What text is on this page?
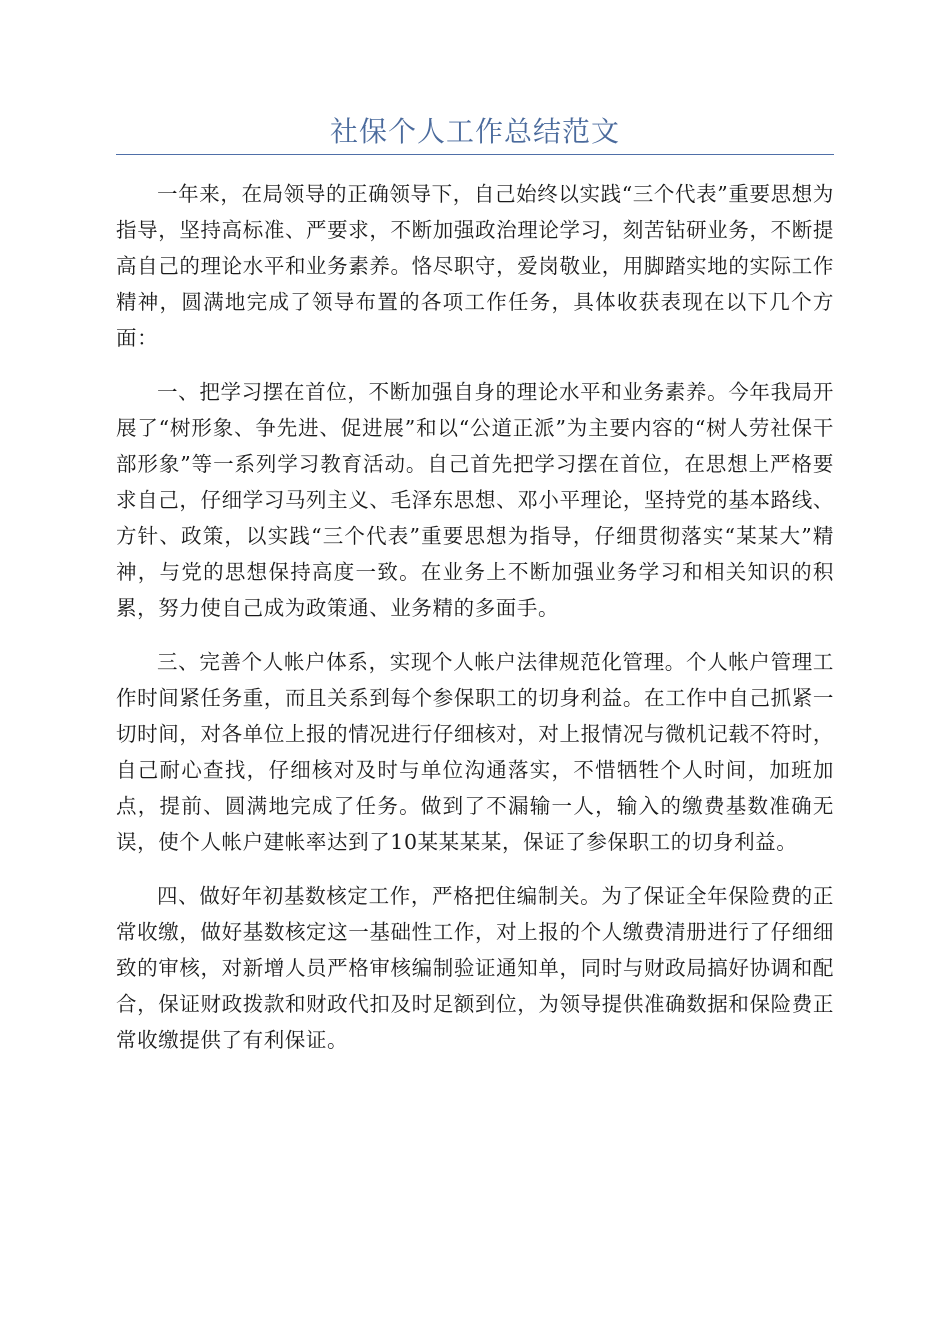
社保个人工作总结范文

一年来，在局领导的正确领导下，自己始终以实践“三个代表”重要思想为指导，坚持高标准、严要求，不断加强政治理论学习，刻苦钻研业务，不断提高自己的理论水平和业务素养。恪尽职守，爱岗敬业，用脚踏实地的实际工作精神，圆满地完成了领导布置的各项工作任务，具体收获表现在以下几个方面：

一、把学习摆在首位，不断加强自身的理论水平和业务素养。今年我局开展了“树形象、争先进、促进展”和以“公道正派”为主要内容的“树人劳社保干部形象”等一系列学习教育活动。自己首先把学习摆在首位，在思想上严格要求自己，仔细学习马列主义、毛泽东思想、邓小平理论，坚持党的基本路线、方针、政策，以实践“三个代表”重要思想为指导，仔细贯彻落实“某某大”精神，与党的思想保持高度一致。在业务上不断加强业务学习和相关知识的积累，努力使自己成为政策通、业务精的多面手。

三、完善个人帐户体系，实现个人帐户法律规范化管理。个人帐户管理工作时间紧任务重，而且关系到每个参保职工的切身利益。在工作中自己抓紧一切时间，对各单位上报的情况进行仔细核对，对上报情况与微机记载不符时，自己耐心查找，仔细核对及时与单位沟通落实，不惜牺牲个人时间，加班加点，提前、圆满地完成了任务。做到了不漏输一人，输入的缴费基数准确无误，使个人帐户建帐率达到了10某某某某，保证了参保职工的切身利益。

四、做好年初基数核定工作，严格把住编制关。为了保证全年保险费的正常收缴，做好基数核定这一基础性工作，对上报的个人缴费清册进行了仔细细致的审核，对新增人员严格审核编制验证通知单，同时与财政局搞好协调和配合，保证财政拨款和财政代扣及时足额到位，为领导提供准确数据和保险费正常收缴提供了有利保证。
